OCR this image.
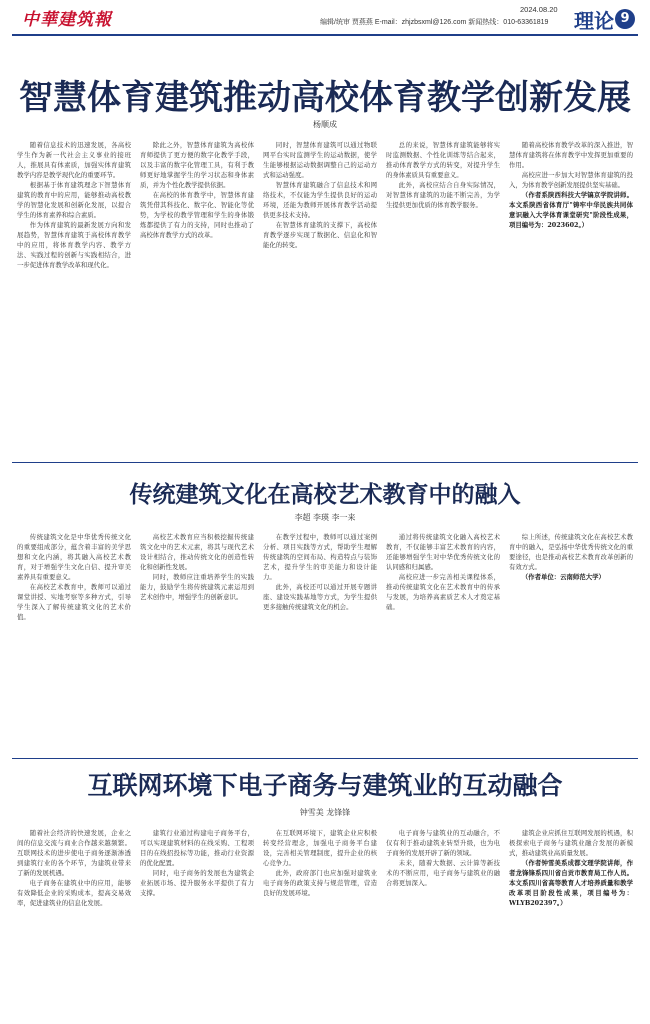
中華建筑報
2024.08.20
编辑/统审 贾燕燕 E-mail：zhjzbsxml@126.com 新闻热线：010-63361819 理论 9
智慧体育建筑推动高校体育教学创新发展
杨顺成

随着信息技术的迅速发展，各高校学生作为新一代社会主义事业的接班人，推展具有体素质，加强实体育建筑教学内容是教学现代化的重要环节。

根据基于体育建筑理念下智慧体育建筑的教育中的应用，能够推动高校教学的智慧化发展和创新化发展，以提合学生的体育素养和综合素质。

作为体育建筑的最新发展方向和发展趋势，智慧体育建筑于高校体育教学中的应用，将体育教学内容、教学方法、实践过程的创新与实践相结合，进一步促进体育教学改革和现代化。

除此之外，智慧体育建筑为高校体育师提供了更方便的数字化教学手段，以及丰富的数字化管理工具，有利于教师更好地掌握学生的学习状态和身体素质，并为个性化教学提供依据。

在高校的体育教学中，智慧体育建筑凭借其科技化、数字化、智能化等优势，为学校的教学管理和学生的身体锻炼都提供了有力的支持，同时也推动了高校体育教学方式的改革。

同时，智慧体育建筑可以通过物联网平台实时监测学生的运动数据，使学生能够根据运动数据调整自己的运动方式和运动强度。

智慧体育建筑融合了信息技术和网络技术，不仅能为学生提供良好的运动环境，还能为教师开展体育教学活动提供更多技术支持。

在智慧体育建筑的支撑下，高校体育教学逐步实现了数据化、信息化和智能化的转变。

总的来说，智慧体育建筑能够将实时监测数据、个性化训练等结合起来，推动体育教学方式的转变，对提升学生的身体素质具有重要意义。

此外，高校应结合自身实际情况，对智慧体育建筑的功能不断完善，为学生提供更加优质的体育教学服务。

随着高校体育教学改革的深入推进，智慧体育建筑将在体育教学中发挥更加重要的作用。

高校应进一步加大对智慧体育建筑的投入，为体育教学创新发展提供坚实基础。

（作者系陕西科技大学镐京学院讲师。本文系陕西省体育厅"铸牢中华民族共同体意识融入大学体育课堂研究"阶段性成果，项目编号为：2023602。）

传统建筑文化在高校艺术教育中的融入
李超 李瑛 李一来

传统建筑文化是中华优秀传统文化的重要组成部分，蕴含着丰富的美学思想和文化内涵，将其融入高校艺术教育，对于增强学生文化自信、提升审美素养具有重要意义。

在高校艺术教育中，教师可以通过课堂讲授、实地考察等多种方式，引导学生深入了解传统建筑文化的艺术价值。

高校艺术教育应当积极挖掘传统建筑文化中的艺术元素，将其与现代艺术设计相结合，推动传统文化的创造性转化和创新性发展。

同时，教师应注重培养学生的实践能力，鼓励学生将传统建筑元素运用到艺术创作中，增强学生的创新意识。

在教学过程中，教师可以通过案例分析、项目实践等方式，帮助学生理解传统建筑的空间布局、构造特点与装饰艺术，提升学生的审美能力和设计能力。

此外，高校还可以通过开展专题讲座、建设实践基地等方式，为学生提供更多接触传统建筑文化的机会。

通过将传统建筑文化融入高校艺术教育，不仅能够丰富艺术教育的内容，还能够增强学生对中华优秀传统文化的认同感和归属感。

高校应进一步完善相关课程体系，推动传统建筑文化在艺术教育中的传承与发展，为培养高素质艺术人才奠定基础。

综上所述，传统建筑文化在高校艺术教育中的融入，是弘扬中华优秀传统文化的重要途径，也是推动高校艺术教育改革创新的有效方式。

（作者单位：云南师范大学）

互联网环境下电子商务与建筑业的互动融合
钟雪美 龙锋锋

随着社会经济的快速发展，企业之间的信息交流与商业合作越来越频繁。互联网技术的进步使电子商务逐渐渗透到建筑行业的各个环节，为建筑业带来了新的发展机遇。

电子商务在建筑业中的应用，能够有效降低企业的采购成本，提高交易效率，促进建筑业的信息化发展。

建筑行业通过构建电子商务平台，可以实现建筑材料的在线采购、工程项目的在线招投标等功能，推动行业资源的优化配置。

同时，电子商务的发展也为建筑企业拓展市场、提升服务水平提供了有力支撑。

在互联网环境下，建筑企业应积极转变经营理念，加强电子商务平台建设，完善相关管理制度，提升企业的核心竞争力。

此外，政府部门也应加强对建筑业电子商务的政策支持与规范管理，营造良好的发展环境。

电子商务与建筑业的互动融合，不仅有利于推动建筑业转型升级，也为电子商务的发展开辟了新的领域。

未来，随着大数据、云计算等新技术的不断应用，电子商务与建筑业的融合将更加深入。

建筑企业应抓住互联网发展的机遇，积极探索电子商务与建筑业融合发展的新模式，推动建筑业高质量发展。

（作者钟雪美系成都文理学院讲师，作者龙锋锋系四川省自贡市教育局工作人员。本文系四川省高等教育人才培养质量和教学改革项目阶段性成果，项目编号为：WLYB202397。）
